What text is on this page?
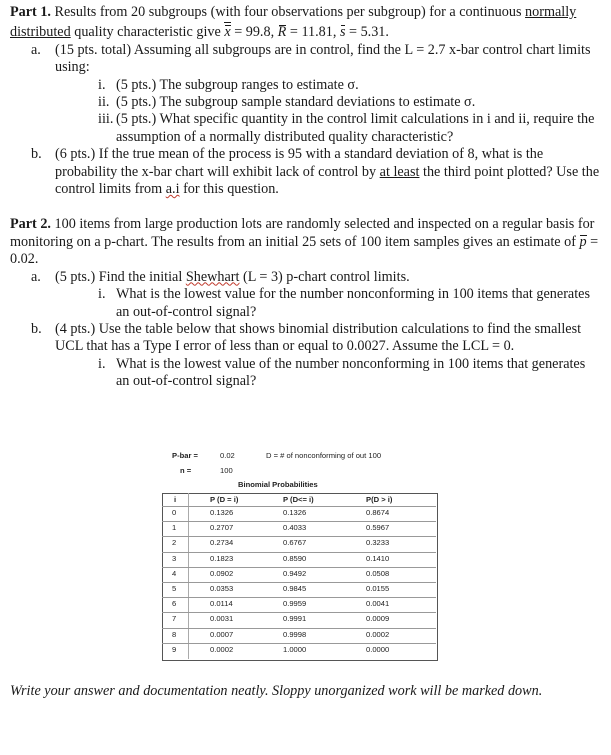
Part 1. Results from 20 subgroups (with four observations per subgroup) for a continuous normally distributed quality characteristic give x = 99.8, R = 11.81, s = 5.31.

a. (15 pts. total) Assuming all subgroups are in control, find the L = 2.7 x-bar control chart limits using:
i. (5 pts.) The subgroup ranges to estimate σ.
ii. (5 pts.) The subgroup sample standard deviations to estimate σ.
iii. (5 pts.) What specific quantity in the control limit calculations in i and ii, require the assumption of a normally distributed quality characteristic?
b. (6 pts.) If the true mean of the process is 95 with a standard deviation of 8, what is the probability the x-bar chart will exhibit lack of control by at least the third point plotted? Use the control limits from a.i for this question.

Part 2. 100 items from large production lots are randomly selected and inspected on a regular basis for monitoring on a p-chart. The results from an initial 25 sets of 100 item samples gives an estimate of p = 0.02.

a. (5 pts.) Find the initial Shewhart (L = 3) p-chart control limits.
i. What is the lowest value for the number nonconforming in 100 items that generates an out-of-control signal?
b. (4 pts.) Use the table below that shows binomial distribution calculations to find the smallest UCL that has a Type I error of less than or equal to 0.0027. Assume the LCL = 0.
i. What is the lowest value of the number nonconforming in 100 items that generates an out-of-control signal?
P-bar =	0.02	D = # of nonconforming of out 100
n =	100
Binomial Probabilities
i	P (D = i)	P (D<= i)	P(D > i)
0	0.1326	0.1326	0.8674
1	0.2707	0.4033	0.5967
2	0.2734	0.6767	0.3233
3	0.1823	0.8590	0.1410
4	0.0902	0.9492	0.0508
5	0.0353	0.9845	0.0155
6	0.0114	0.9959	0.0041
7	0.0031	0.9991	0.0009
8	0.0007	0.9998	0.0002
9	0.0002	1.0000	0.0000
Write your answer and documentation neatly. Sloppy unorganized work will be marked down.
